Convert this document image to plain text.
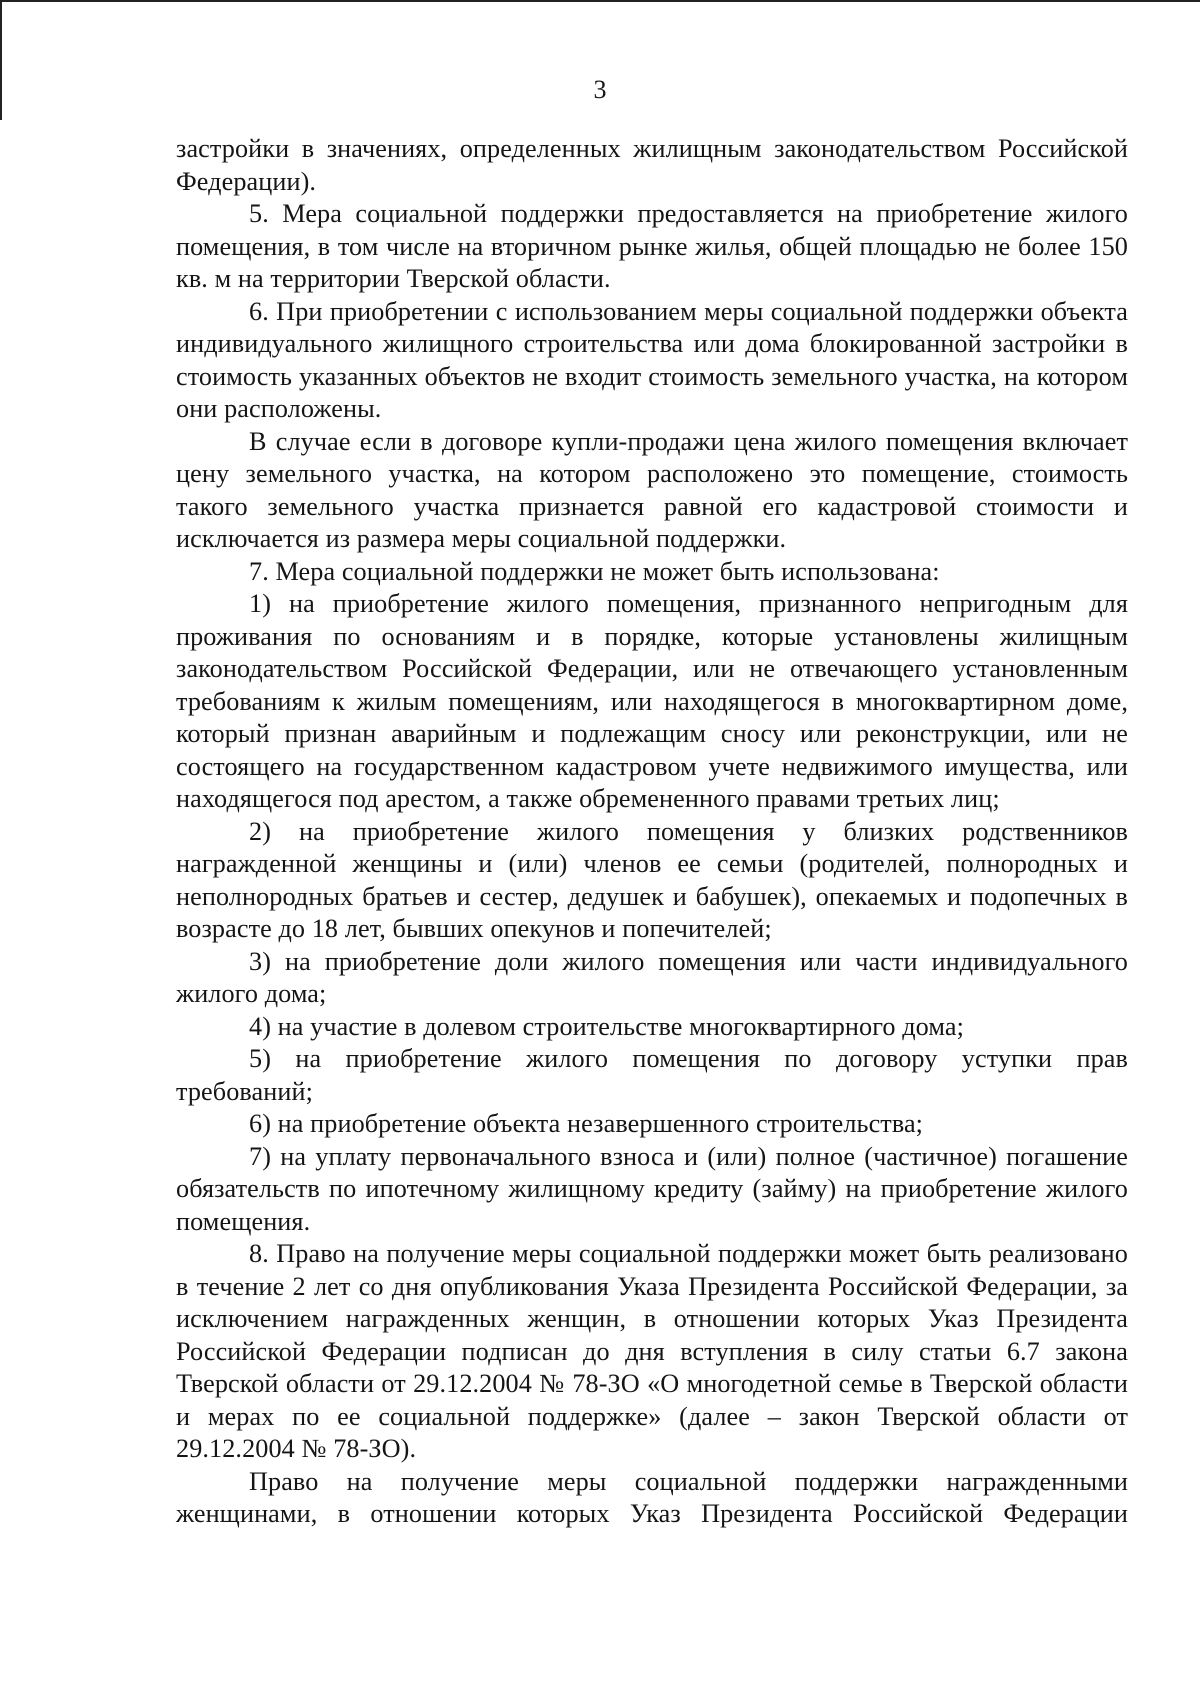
3

застройки в значениях, определенных жилищным законодательством Российской Федерации).

5. Мера социальной поддержки предоставляется на приобретение жилого помещения, в том числе на вторичном рынке жилья, общей площадью не более 150 кв. м на территории Тверской области.

6. При приобретении с использованием меры социальной поддержки объекта индивидуального жилищного строительства или дома блокированной застройки в стоимость указанных объектов не входит стоимость земельного участка, на котором они расположены.

В случае если в договоре купли-продажи цена жилого помещения включает цену земельного участка, на котором расположено это помещение, стоимость такого земельного участка признается равной его кадастровой стоимости и исключается из размера меры социальной поддержки.

7. Мера социальной поддержки не может быть использована:

1) на приобретение жилого помещения, признанного непригодным для проживания по основаниям и в порядке, которые установлены жилищным законодательством Российской Федерации, или не отвечающего установленным требованиям к жилым помещениям, или находящегося в многоквартирном доме, который признан аварийным и подлежащим сносу или реконструкции, или не состоящего на государственном кадастровом учете недвижимого имущества, или находящегося под арестом, а также обремененного правами третьих лиц;

2) на приобретение жилого помещения у близких родственников награжденной женщины и (или) членов ее семьи (родителей, полнородных и неполнородных братьев и сестер, дедушек и бабушек), опекаемых и подопечных в возрасте до 18 лет, бывших опекунов и попечителей;

3) на приобретение доли жилого помещения или части индивидуального жилого дома;

4) на участие в долевом строительстве многоквартирного дома;

5) на приобретение жилого помещения по договору уступки прав требований;

6) на приобретение объекта незавершенного строительства;

7) на уплату первоначального взноса и (или) полное (частичное) погашение обязательств по ипотечному жилищному кредиту (займу) на приобретение жилого помещения.

8. Право на получение меры социальной поддержки может быть реализовано в течение 2 лет со дня опубликования Указа Президента Российской Федерации, за исключением награжденных женщин, в отношении которых Указ Президента Российской Федерации подписан до дня вступления в силу статьи 6.7 закона Тверской области от 29.12.2004 № 78-ЗО «О многодетной семье в Тверской области и мерах по ее социальной поддержке» (далее – закон Тверской области от 29.12.2004 № 78-ЗО).

Право на получение меры социальной поддержки награжденными женщинами, в отношении которых Указ Президента Российской Федерации
